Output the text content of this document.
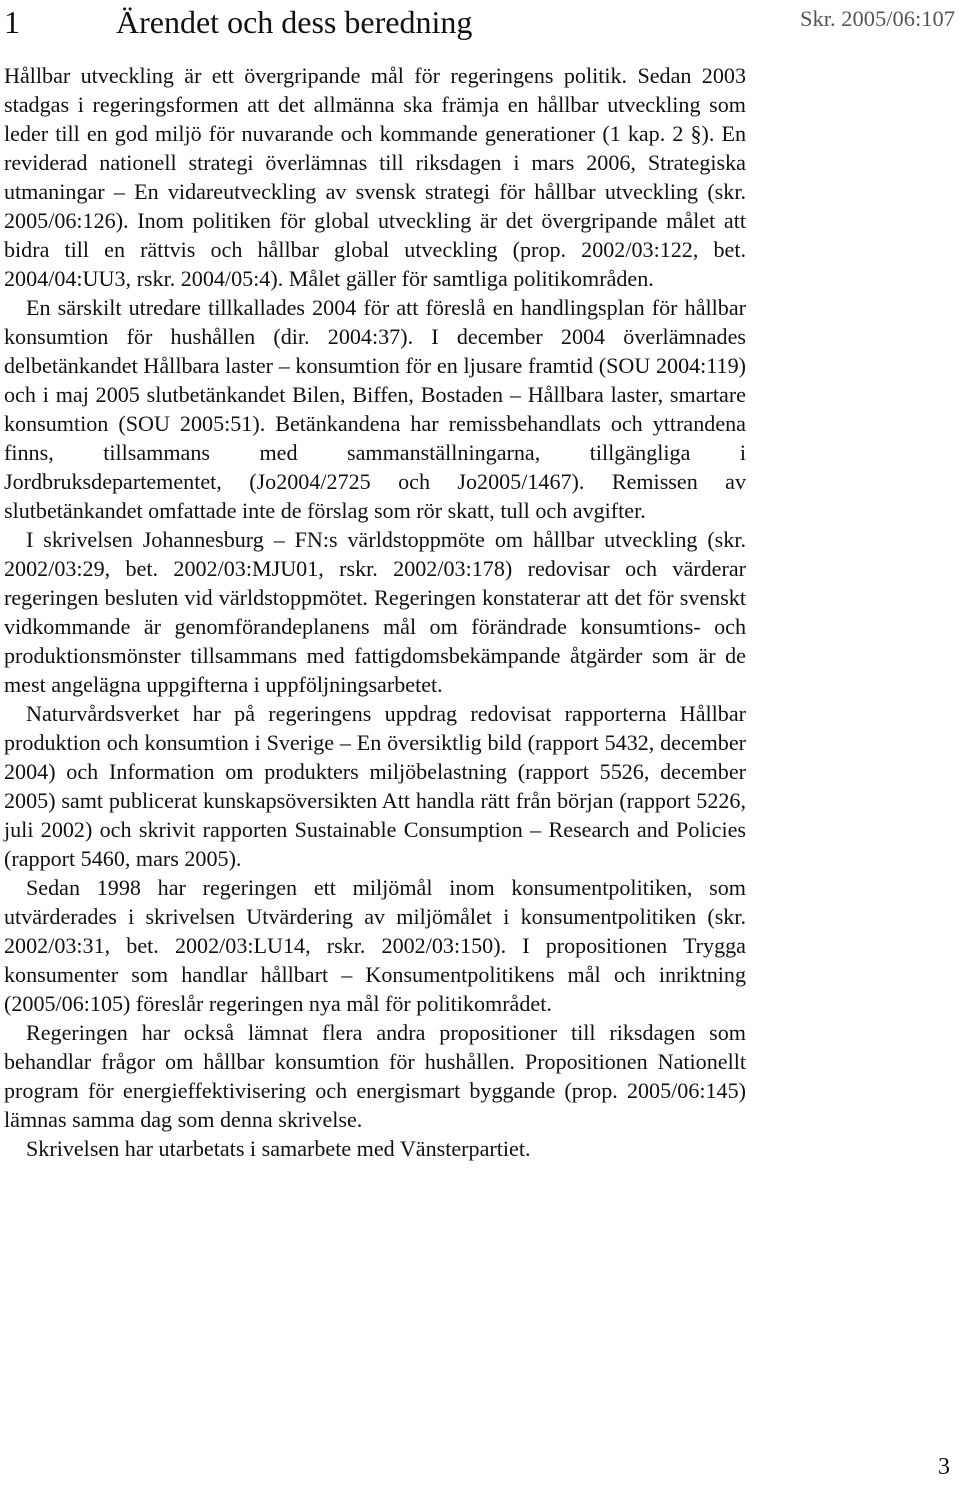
1	Ärendet och dess beredning	Skr. 2005/06:107

Hållbar utveckling är ett övergripande mål för regeringens politik. Sedan 2003 stadgas i regeringsformen att det allmänna ska främja en hållbar utveckling som leder till en god miljö för nuvarande och kommande generationer (1 kap. 2 §). En reviderad nationell strategi överlämnas till riksdagen i mars 2006, Strategiska utmaningar – En vidareutveckling av svensk strategi för hållbar utveckling (skr. 2005/06:126). Inom politiken för global utveckling är det övergripande målet att bidra till en rättvis och hållbar global utveckling (prop. 2002/03:122, bet. 2004/04:UU3, rskr. 2004/05:4). Målet gäller för samtliga politikområden.

En särskilt utredare tillkallades 2004 för att föreslå en handlingsplan för hållbar konsumtion för hushållen (dir. 2004:37). I december 2004 överlämnades delbetänkandet Hållbara laster – konsumtion för en ljusare framtid (SOU 2004:119) och i maj 2005 slutbetänkandet Bilen, Biffen, Bostaden – Hållbara laster, smartare konsumtion (SOU 2005:51). Betänkandena har remissbehandlats och yttrandena finns, tillsammans med sammanställningarna, tillgängliga i Jordbruksdepartementet, (Jo2004/2725 och Jo2005/1467). Remissen av slutbetänkandet omfattade inte de förslag som rör skatt, tull och avgifter.

I skrivelsen Johannesburg – FN:s världstoppmöte om hållbar utveckling (skr. 2002/03:29, bet. 2002/03:MJU01, rskr. 2002/03:178) redovisar och värderar regeringen besluten vid världstoppmötet. Regeringen konstaterar att det för svenskt vidkommande är genomförandeplanens mål om förändrade konsumtions- och produktionsmönster tillsammans med fattigdomsbekämpande åtgärder som är de mest angelägna uppgifterna i uppföljningsarbetet.

Naturvårdsverket har på regeringens uppdrag redovisat rapporterna Hållbar produktion och konsumtion i Sverige – En översiktlig bild (rapport 5432, december 2004) och Information om produkters miljöbelastning (rapport 5526, december 2005) samt publicerat kunskapsöversikten Att handla rätt från början (rapport 5226, juli 2002) och skrivit rapporten Sustainable Consumption – Research and Policies (rapport 5460, mars 2005).

Sedan 1998 har regeringen ett miljömål inom konsumentpolitiken, som utvärderades i skrivelsen Utvärdering av miljömålet i konsumentpolitiken (skr. 2002/03:31, bet. 2002/03:LU14, rskr. 2002/03:150). I propositionen Trygga konsumenter som handlar hållbart – Konsumentpolitikens mål och inriktning (2005/06:105) föreslår regeringen nya mål för politikområdet.

Regeringen har också lämnat flera andra propositioner till riksdagen som behandlar frågor om hållbar konsumtion för hushållen. Propositionen Nationellt program för energieffektivisering och energismart byggande (prop. 2005/06:145) lämnas samma dag som denna skrivelse.

Skrivelsen har utarbetats i samarbete med Vänsterpartiet.

3
